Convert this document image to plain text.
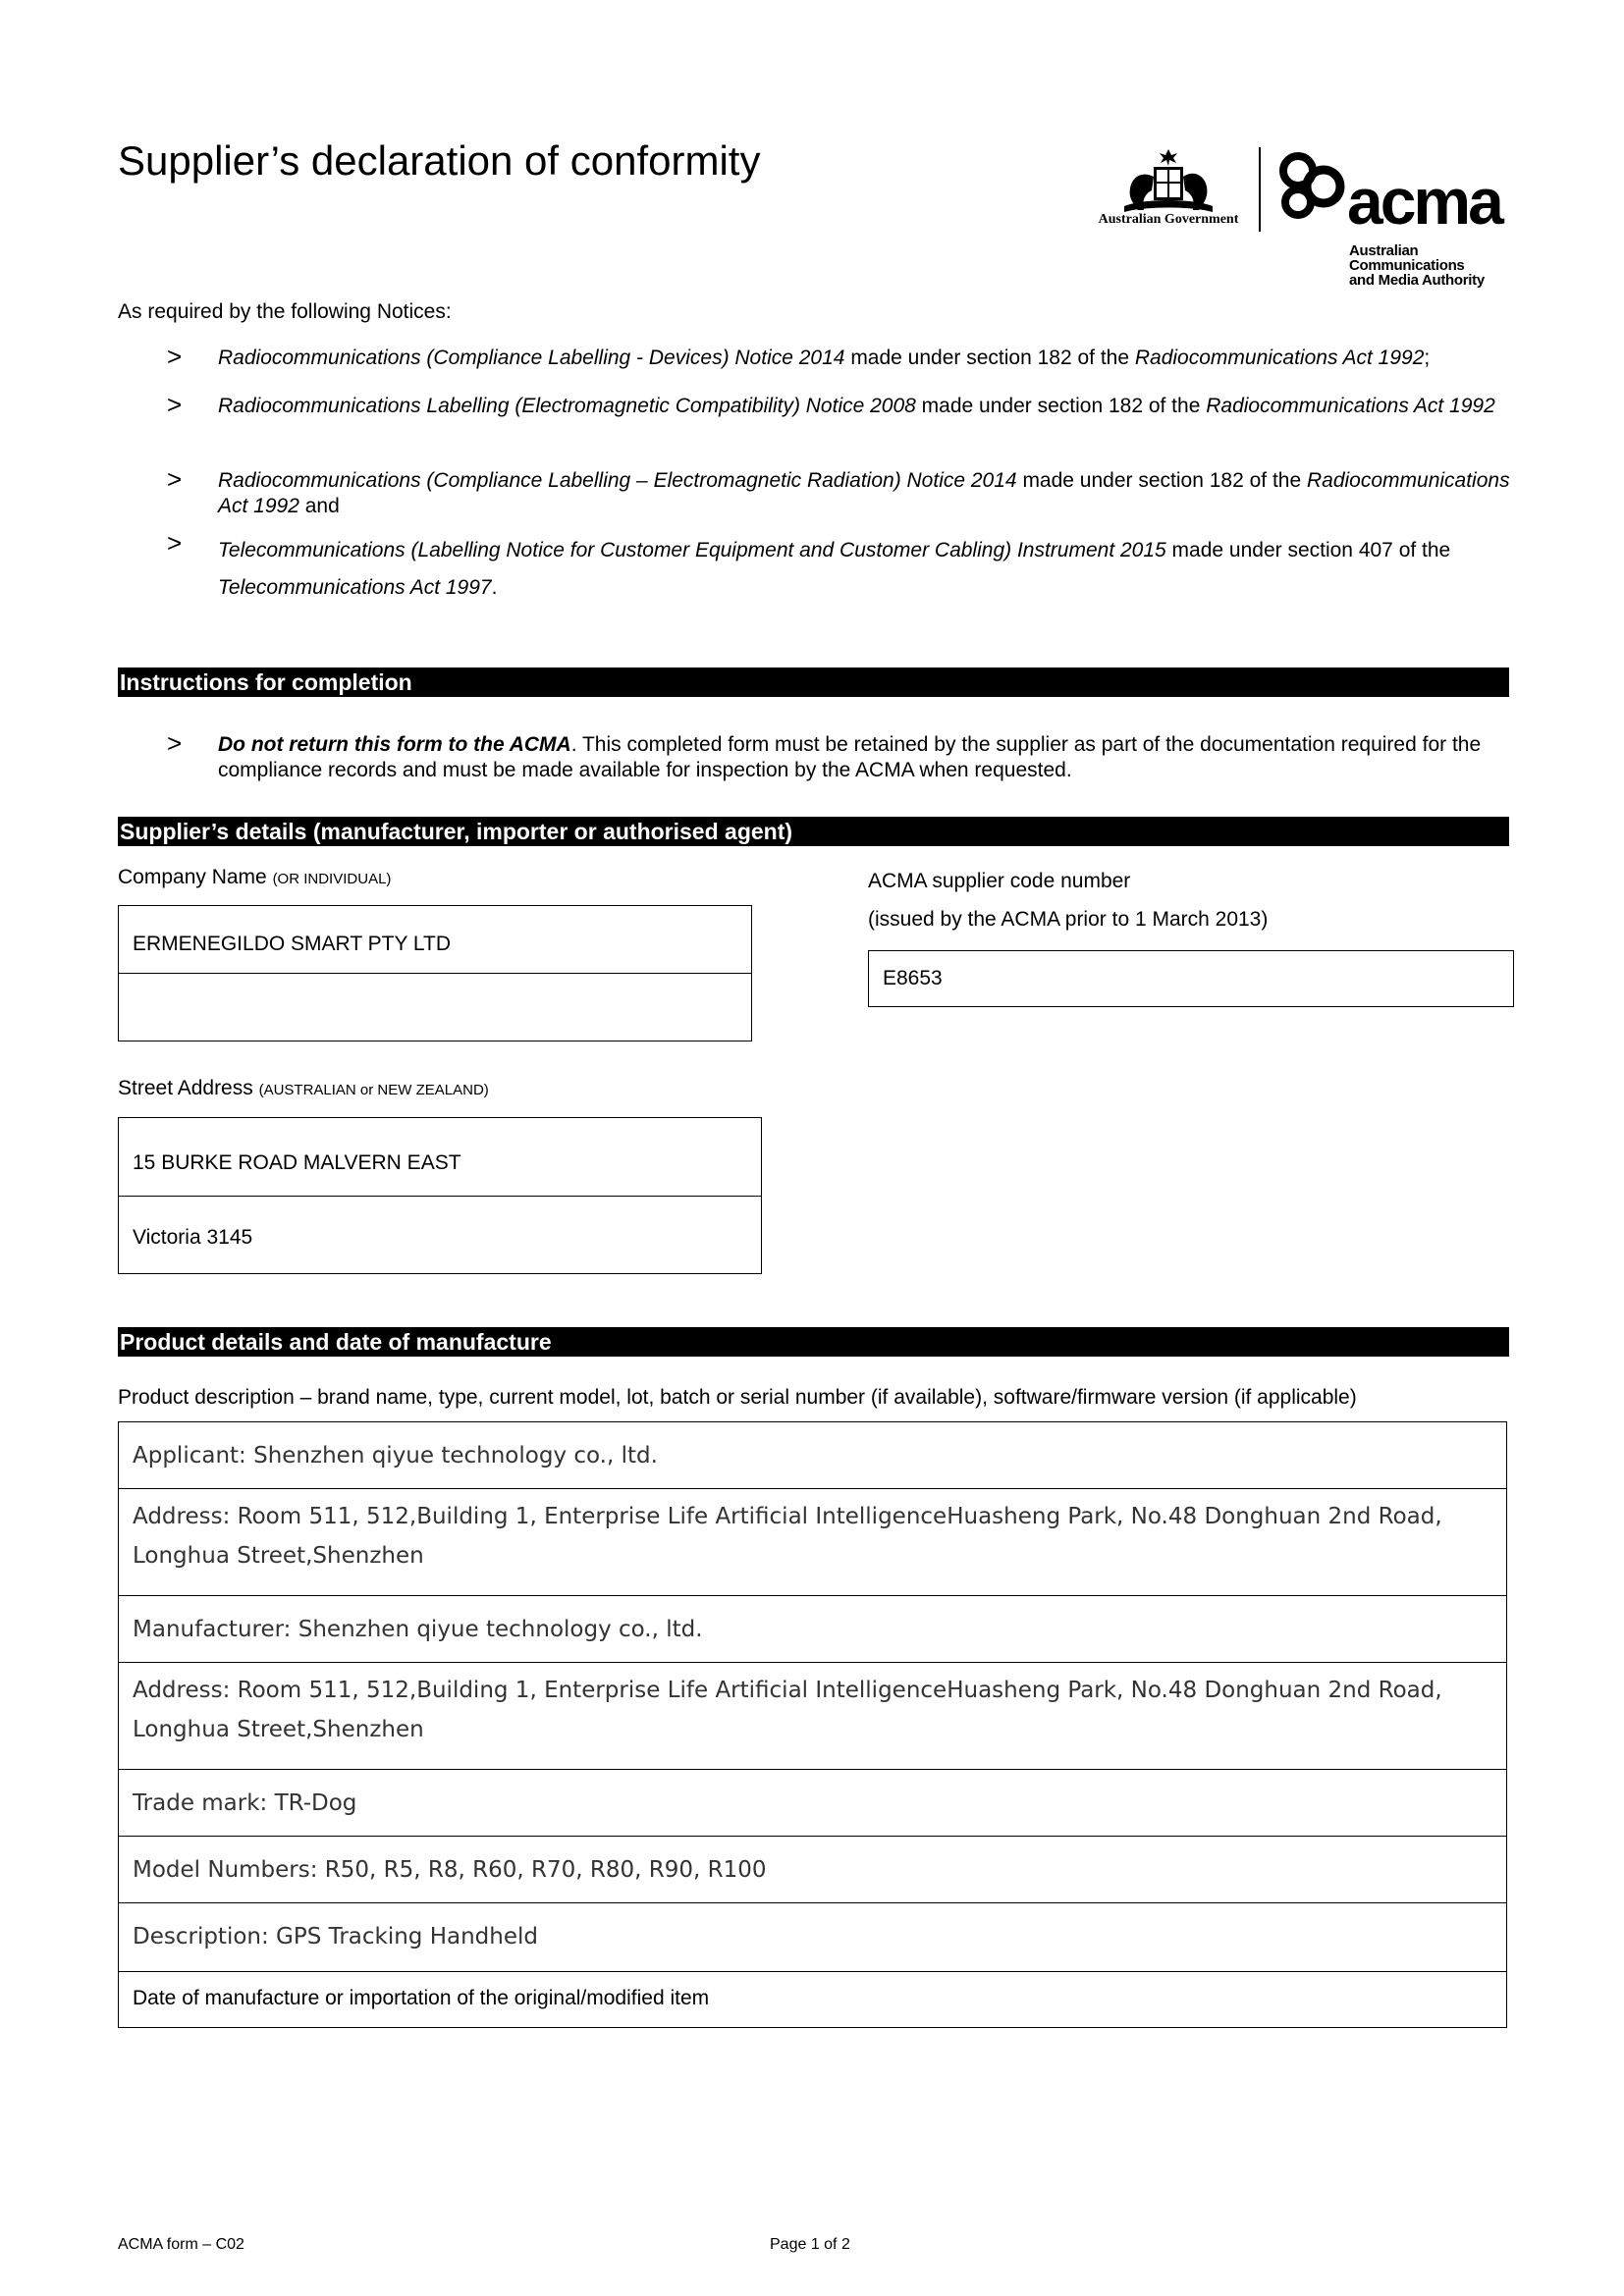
Supplier’s declaration of conformity
Australian Government acma
Australian
Communications
and Media Authority
As required by the following Notices:
> Radiocommunications (Compliance Labelling - Devices) Notice 2014 made under section 182 of the Radiocommunications Act 1992;
> Radiocommunications Labelling (Electromagnetic Compatibility) Notice 2008 made under section 182 of the Radiocommunications Act 1992
> Radiocommunications (Compliance Labelling – Electromagnetic Radiation) Notice 2014 made under section 182 of the Radiocommunications Act 1992 and
> Telecommunications (Labelling Notice for Customer Equipment and Customer Cabling) Instrument 2015 made under section 407 of the Telecommunications Act 1997.
Instructions for completion
> Do not return this form to the ACMA. This completed form must be retained by the supplier as part of the documentation required for the compliance records and must be made available for inspection by the ACMA when requested.
Supplier’s details (manufacturer, importer or authorised agent)
Company Name (OR INDIVIDUAL)
ERMENEGILDO SMART PTY LTD
ACMA supplier code number
(issued by the ACMA prior to 1 March 2013)
E8653
Street Address (AUSTRALIAN or NEW ZEALAND)
15 BURKE ROAD MALVERN EAST
Victoria 3145
Product details and date of manufacture
Product description – brand name, type, current model, lot, batch or serial number (if available), software/firmware version (if applicable)
Applicant: Shenzhen qiyue technology co., ltd.
Address: Room 511, 512,Building 1, Enterprise Life Artificial IntelligenceHuasheng Park, No.48 Donghuan 2nd Road, Longhua Street,Shenzhen
Manufacturer: Shenzhen qiyue technology co., ltd.
Address: Room 511, 512,Building 1, Enterprise Life Artificial IntelligenceHuasheng Park, No.48 Donghuan 2nd Road, Longhua Street,Shenzhen
Trade mark: TR-Dog
Model Numbers: R50, R5, R8, R60, R70, R80, R90, R100
Description: GPS Tracking Handheld
Date of manufacture or importation of the original/modified item
ACMA form – C02	Page 1 of 2
